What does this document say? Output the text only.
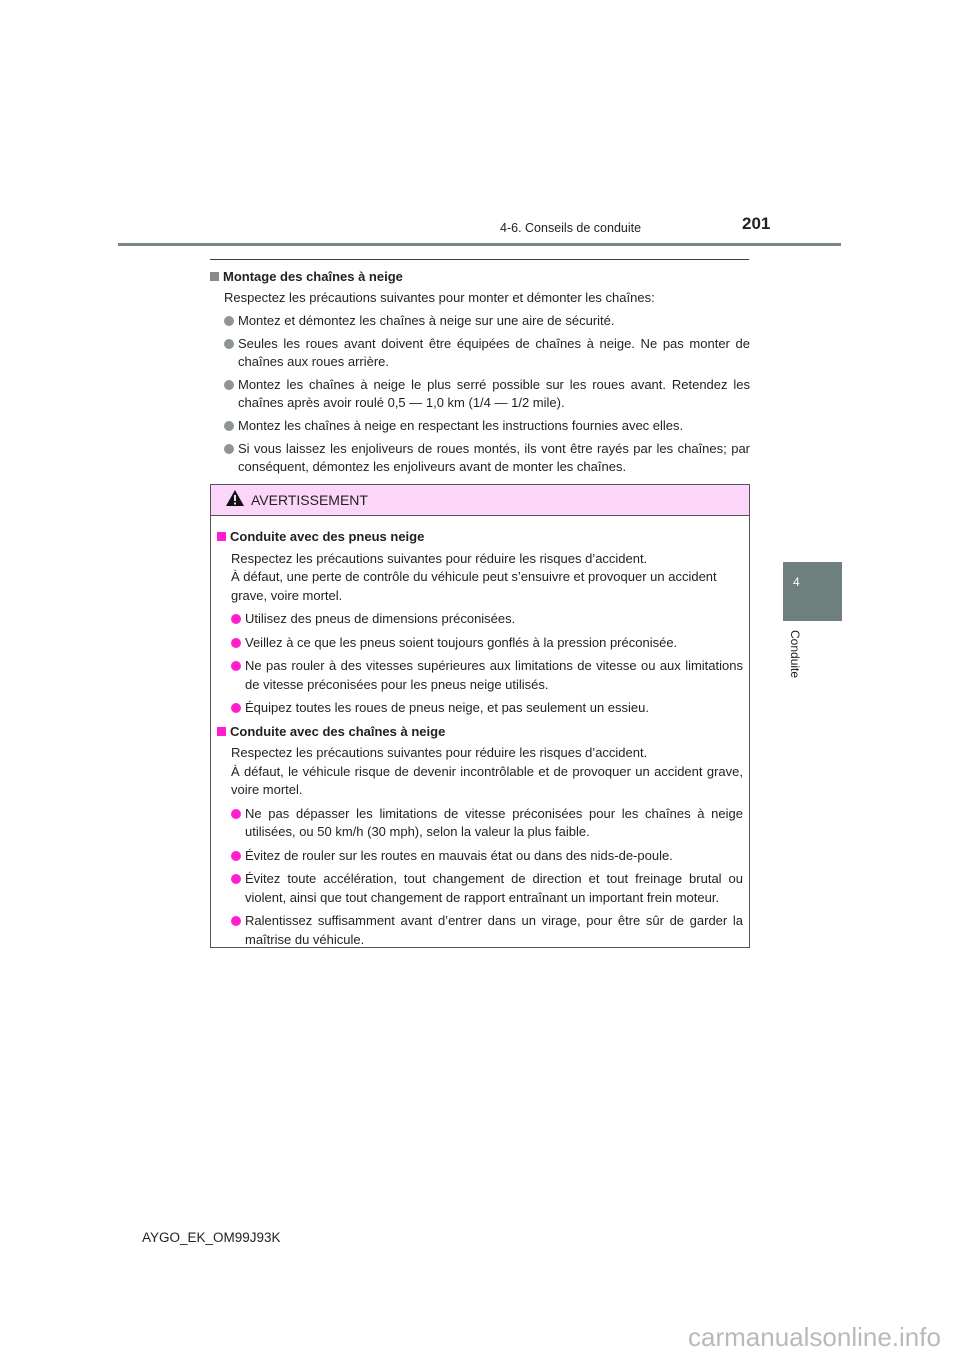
4-6. Conseils de conduite	201
4
Conduite
Montage des chaînes à neige
Respectez les précautions suivantes pour monter et démonter les chaînes:
Montez et démontez les chaînes à neige sur une aire de sécurité.
Seules les roues avant doivent être équipées de chaînes à neige. Ne pas monter de chaînes aux roues arrière.
Montez les chaînes à neige le plus serré possible sur les roues avant. Retendez les chaînes après avoir roulé 0,5 — 1,0 km (1/4 — 1/2 mile).
Montez les chaînes à neige en respectant les instructions fournies avec elles.
Si vous laissez les enjoliveurs de roues montés, ils vont être rayés par les chaînes; par conséquent, démontez les enjoliveurs avant de monter les chaînes.
AVERTISSEMENT
Conduite avec des pneus neige
Respectez les précautions suivantes pour réduire les risques d’accident.
À défaut, une perte de contrôle du véhicule peut s’ensuivre et provoquer un accident grave, voire mortel.
Utilisez des pneus de dimensions préconisées.
Veillez à ce que les pneus soient toujours gonflés à la pression préconisée.
Ne pas rouler à des vitesses supérieures aux limitations de vitesse ou aux limitations de vitesse préconisées pour les pneus neige utilisés.
Équipez toutes les roues de pneus neige, et pas seulement un essieu.
Conduite avec des chaînes à neige
Respectez les précautions suivantes pour réduire les risques d’accident.
À défaut, le véhicule risque de devenir incontrôlable et de provoquer un accident grave, voire mortel.
Ne pas dépasser les limitations de vitesse préconisées pour les chaînes à neige utilisées, ou 50 km/h (30 mph), selon la valeur la plus faible.
Évitez de rouler sur les routes en mauvais état ou dans des nids-de-poule.
Évitez toute accélération, tout changement de direction et tout freinage brutal ou violent, ainsi que tout changement de rapport entraînant un important frein moteur.
Ralentissez suffisamment avant d’entrer dans un virage, pour être sûr de garder la maîtrise du véhicule.
AYGO_EK_OM99J93K
carmanualsonline.info
